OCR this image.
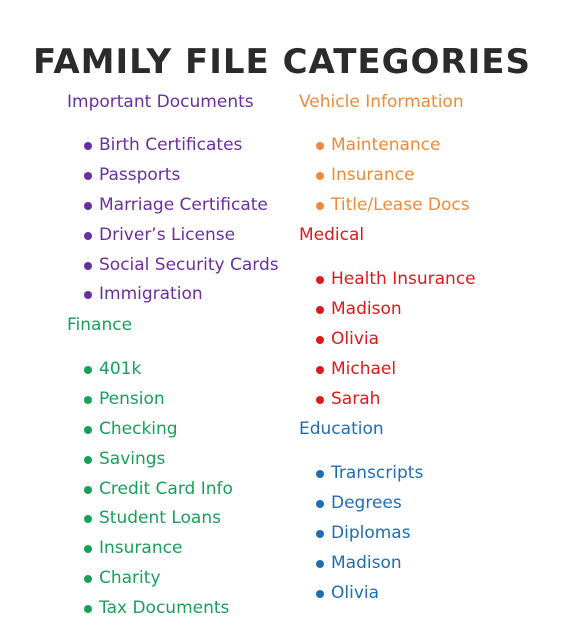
FAMILY FILE CATEGORIES
Important Documents
Birth Certificates
Passports
Marriage Certificate
Driver’s License
Social Security Cards
Immigration
Finance
401k
Pension
Checking
Savings
Credit Card Info
Student Loans
Insurance
Charity
Tax Documents
Vehicle Information
Maintenance
Insurance
Title/Lease Docs
Medical
Health Insurance
Madison
Olivia
Michael
Sarah
Education
Transcripts
Degrees
Diplomas
Madison
Olivia
